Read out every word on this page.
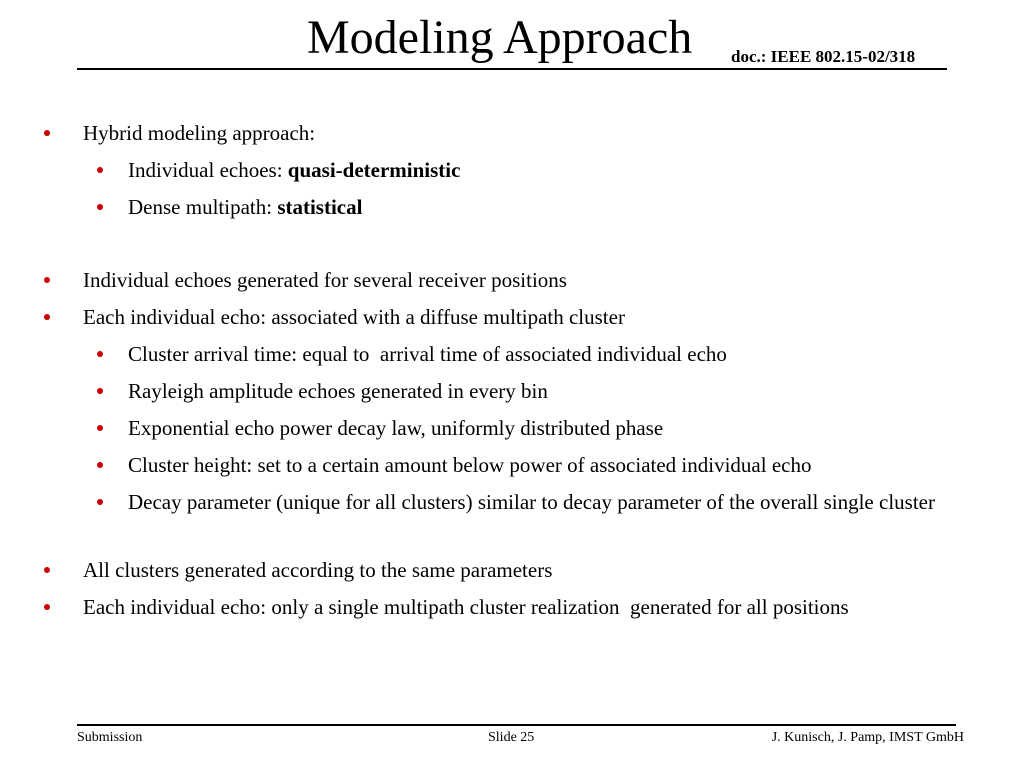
Modeling Approach doc.: IEEE 802.15-02/318
Hybrid modeling approach:
Individual echoes: quasi-deterministic
Dense multipath: statistical
Individual echoes generated for several receiver positions
Each individual echo: associated with a diffuse multipath cluster
Cluster arrival time: equal to  arrival time of associated individual echo
Rayleigh amplitude echoes generated in every bin
Exponential echo power decay law, uniformly distributed phase
Cluster height: set to a certain amount below power of associated individual echo
Decay parameter (unique for all clusters) similar to decay parameter of the overall single cluster
All clusters generated according to the same parameters
Each individual echo: only a single multipath cluster realization  generated for all positions
Submission	Slide 25	J. Kunisch, J. Pamp, IMST GmbH
